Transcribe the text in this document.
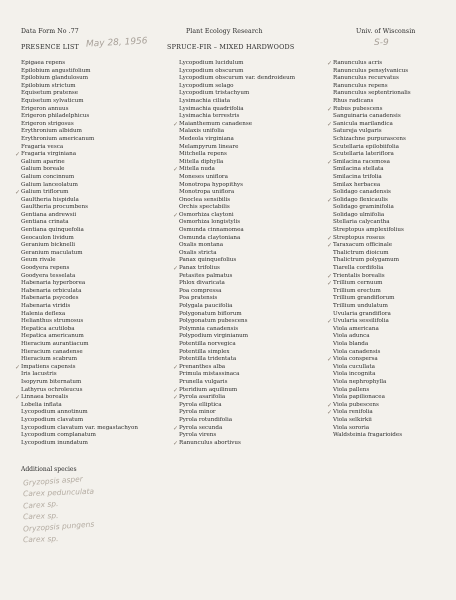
Data Form No .77	Plant Ecology Research	Univ. of Wisconsin
PRESENCE LIST May 28, 1956	SPRUCE-FIR – MIXED HARDWOODS	S-9
Epigaea repens
Epilobium angustifolium
Epilobium glandulosum
Epilobium strictum
Equisetum pratense
Equisetum sylvaticum
Erigeron annuus
Erigeron philadelphicus
Erigeron strigosus
Erythronium albidum
Erythronium americanum
Fragaria vesca
✓ Fragaria virginiana
Galium aparine
Galium boreale
Galium concinnum
Galium lanceolatum
✓ Galium triflorum
Gaultheria hispidula
Gaultheria procumbens
Gentiana andrewsii
Gentiana crinata
Gentiana quinquefolia
Geocaulon lividum
Geranium bicknelli
Geranium maculatum
Geum rivale
Goodyera repens
Goodyera tesselata
Habenaria hyperborea
Habenaria orbiculata
Habenaria psycodes
Habenaria viridis
Halenia deflexa
Helianthus strumosus
Hepatica acutiloba
Hepatica americanum
Hieracium aurantiacum
Hieracium canadense
Hieracium scabrum
✓ Impatiens capensis
Iris lacustris
Isopyrum biternatum
Lathyrus ochroleucus
✓ Linnaea borealis
Lobelia inflata
Lycopodium annotinum
Lycopodium clavatum
Lycopodium clavatum var. megastachyon
Lycopodium complanatum
Lycopodium inundatum
Lycopodium lucidulum
Lycopodium obscurum
Lycopodium obscurum var. dendroideum
Lycopodium selago
Lycopodium tristachyum
Lysimachia ciliata
Lysimachia quadrifolia
Lysimachia terrestris
✓ Maianthemum canadense
Malaxis unifolia
Medeola virginiana
Melampyrum lineare
Mitchella repens
Mitella diphylla
✓ Mitella nuda
Moneses uniflora
Monotropa hypopithys
Monotropa uniflora
Onoclea sensibilis
Orchis spectabilis
✓ Osmorhiza claytoni
Osmorhiza longistylis
Osmunda cinnamomea
Osmunda claytoniana
Oxalis montana
Oxalis stricta
Panax quinquefolius
✓ Panax trifolius
Petasites palmatus
Phlox divaricata
Poa compressa
Poa pratensis
Polygala paucifolia
Polygonatum biflorum
Polygonatum pubescens
Polymnia canadensis
Polypodium virginianum
Potentilla norvegica
Potentilla simplex
Potentilla tridentata
✓ Prenanthes alba
Primula mistassinaca
Prunella vulgaris
✓ Pteridium aquilinum
✓ Pyrola asarifolia
Pyrola elliptica
Pyrola minor
Pyrola rotundifolia
✓ Pyrola secunda
Pyrola virens
✓ Ranunculus abortivus
✓ Ranunculus acris
Ranunculus pensylvanicus
Ranunculus recurvatus
Ranunculus repens
Ranunculus septentrionalis
Rhus radicans
✓ Rubus pubescens
Sanguinaria canadensis
✓ Sanicula marilandica
Satureja vulgaris
Schizachne purpurascens
Scutellaria epilobiifolia
Scutellaria lateriflora
✓ Smilacina racemosa
Smilacina stellata
Smilacina trifolia
Smilax herbacea
Solidago canadensis
✓ Solidago flexicaulis
Solidago graminifolia
Solidago ulmifolia
Stellaria calycantha
Streptopus amplexifolius
✓ Streptopus roseus
✓ Taraxacum officinale
Thalictrum dioicum
Thalictrum polygamum
Tiarella cordifolia
✓ Trientalis borealis
✓ Trillium cernuum
Trillium erectum
Trillium grandiflorum
Trillium undulatum
Uvularia grandiflora
✓ Uvularia sessilifolia
Viola americana
Viola adunca
Viola blanda
Viola canadensis
✓ Viola conspersa
Viola cucullata
Viola incognita
Viola nephrophylla
Viola pallens
Viola papilionacea
✓ Viola pubescens
✓ Viola renifolia
Viola selkirkii
Viola sororia
Waldsteinia fragarioides
Additional species
Gryzopsis asper
Carex pedunculata
Carex sp.
Carex sp.
Oryzopsis pungens
Carex sp.
